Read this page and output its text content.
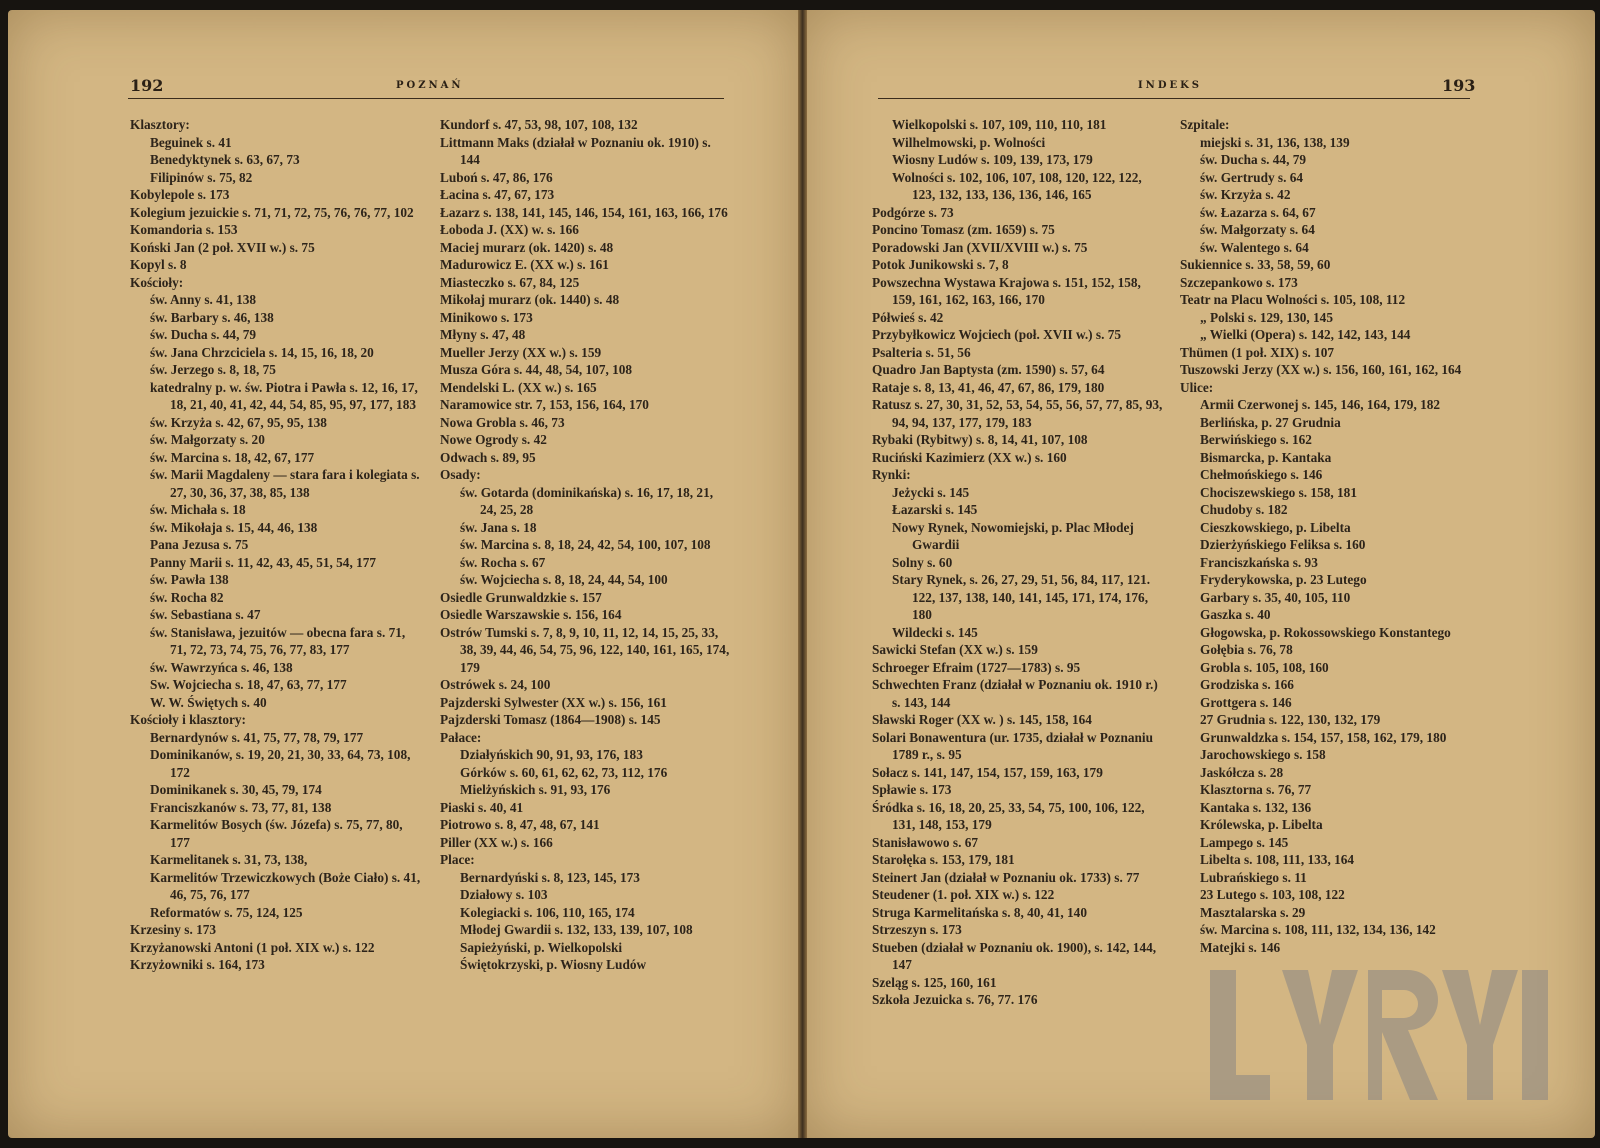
192	POZNAŃ	INDEKS	193
Klasztory:
Beguinek s. 41
Benedyktynek s. 63, 67, 73
Filipinów s. 75, 82
Kobylepole s. 173
Kolegium jezuickie s. 71, 71, 72, 75, 76, 76, 77, 102
Komandoria s. 153
Koński Jan (2 poł. XVII w.) s. 75
Kopyl s. 8
Kościoły:
św. Anny s. 41, 138
św. Barbary s. 46, 138
św. Ducha s. 44, 79
św. Jana Chrzciciela s. 14, 15, 16, 18, 20
św. Jerzego s. 8, 18, 75
katedralny p. w. św. Piotra i Pawła s. 12, 16, 17, 18, 21, 40, 41, 42, 44, 54, 85, 95, 97, 177, 183
św. Krzyża s. 42, 67, 95, 95, 138
św. Małgorzaty s. 20
św. Marcina s. 18, 42, 67, 177
św. Marii Magdaleny — stara fara i kolegiata s. 27, 30, 36, 37, 38, 85, 138
św. Michała s. 18
św. Mikołaja s. 15, 44, 46, 138
Pana Jezusa s. 75
Panny Marii s. 11, 42, 43, 45, 51, 54, 177
św. Pawła 138
św. Rocha 82
św. Sebastiana s. 47
św. Stanisława, jezuitów — obecna fara s. 71, 71, 72, 73, 74, 75, 76, 77, 83, 177
św. Wawrzyńca s. 46, 138
Sw. Wojciecha s. 18, 47, 63, 77, 177
W. W. Świętych s. 40
Kościoły i klasztory:
Bernardynów s. 41, 75, 77, 78, 79, 177
Dominikanów, s. 19, 20, 21, 30, 33, 64, 73, 108, 172
Dominikanek s. 30, 45, 79, 174
Franciszkanów s. 73, 77, 81, 138
Karmelitów Bosych (św. Józefa) s. 75, 77, 80, 177
Karmelitanek s. 31, 73, 138,
Karmelitów Trzewiczkowych (Boże Ciało) s. 41, 46, 75, 76, 177
Reformatów s. 75, 124, 125
Krzesiny s. 173
Krzyżanowski Antoni (1 poł. XIX w.) s. 122
Krzyżowniki s. 164, 173
Kundorf s. 47, 53, 98, 107, 108, 132
Littmann Maks (działał w Poznaniu ok. 1910) s. 144
Luboń s. 47, 86, 176
Łacina s. 47, 67, 173
Łazarz s. 138, 141, 145, 146, 154, 161, 163, 166, 176
Łoboda J. (XX) w. s. 166
Maciej murarz (ok. 1420) s. 48
Madurowicz E. (XX w.) s. 161
Miasteczko s. 67, 84, 125
Mikołaj murarz (ok. 1440) s. 48
Minikowo s. 173
Młyny s. 47, 48
Mueller Jerzy (XX w.) s. 159
Musza Góra s. 44, 48, 54, 107, 108
Mendelski L. (XX w.) s. 165
Naramowice str. 7, 153, 156, 164, 170
Nowa Grobla s. 46, 73
Nowe Ogrody s. 42
Odwach s. 89, 95
Osady:
św. Gotarda (dominikańska) s. 16, 17, 18, 21, 24, 25, 28
św. Jana s. 18
św. Marcina s. 8, 18, 24, 42, 54, 100, 107, 108
św. Rocha s. 67
św. Wojciecha s. 8, 18, 24, 44, 54, 100
Osiedle Grunwaldzkie s. 157
Osiedle Warszawskie s. 156, 164
Ostrów Tumski s. 7, 8, 9, 10, 11, 12, 14, 15, 25, 33, 38, 39, 44, 46, 54, 75, 96, 122, 140, 161, 165, 174, 179
Ostrówek s. 24, 100
Pajzderski Sylwester (XX w.) s. 156, 161
Pajzderski Tomasz (1864—1908) s. 145
Pałace:
Działyńskich 90, 91, 93, 176, 183
Górków s. 60, 61, 62, 62, 73, 112, 176
Mielżyńskich s. 91, 93, 176
Piaski s. 40, 41
Piotrowo s. 8, 47, 48, 67, 141
Piller (XX w.) s. 166
Place:
Bernardyński s. 8, 123, 145, 173
Działowy s. 103
Kolegiacki s. 106, 110, 165, 174
Młodej Gwardii s. 132, 133, 139, 107, 108
Sapieżyński, p. Wielkopolski
Świętokrzyski, p. Wiosny Ludów
Wielkopolski s. 107, 109, 110, 110, 181
Wilhelmowski, p. Wolności
Wiosny Ludów s. 109, 139, 173, 179
Wolności s. 102, 106, 107, 108, 120, 122, 122, 123, 132, 133, 136, 136, 146, 165
Podgórze s. 73
Poncino Tomasz (zm. 1659) s. 75
Poradowski Jan (XVII/XVIII w.) s. 75
Potok Junikowski s. 7, 8
Powszechna Wystawa Krajowa s. 151, 152, 158, 159, 161, 162, 163, 166, 170
Półwieś s. 42
Przybyłkowicz Wojciech (poł. XVII w.) s. 75
Psalteria s. 51, 56
Quadro Jan Baptysta (zm. 1590) s. 57, 64
Rataje s. 8, 13, 41, 46, 47, 67, 86, 179, 180
Ratusz s. 27, 30, 31, 52, 53, 54, 55, 56, 57, 77, 85, 93, 94, 94, 137, 177, 179, 183
Rybaki (Rybitwy) s. 8, 14, 41, 107, 108
Ruciński Kazimierz (XX w.) s. 160
Rynki:
Jeżycki s. 145
Łazarski s. 145
Nowy Rynek, Nowomiejski, p. Plac Młodej Gwardii
Solny s. 60
Stary Rynek, s. 26, 27, 29, 51, 56, 84, 117, 121. 122, 137, 138, 140, 141, 145, 171, 174, 176, 180
Wildecki s. 145
Sawicki Stefan (XX w.) s. 159
Schroeger Efraim (1727—1783) s. 95
Schwechten Franz (działał w Poznaniu ok. 1910 r.) s. 143, 144
Sławski Roger (XX w. ) s. 145, 158, 164
Solari Bonawentura (ur. 1735, działał w Poznaniu 1789 r., s. 95
Sołacz s. 141, 147, 154, 157, 159, 163, 179
Spławie s. 173
Śródka s. 16, 18, 20, 25, 33, 54, 75, 100, 106, 122, 131, 148, 153, 179
Stanisławowo s. 67
Starołęka s. 153, 179, 181
Steinert Jan (działał w Poznaniu ok. 1733) s. 77
Steudener (1. poł. XIX w.) s. 122
Struga Karmelitańska s. 8, 40, 41, 140
Strzeszyn s. 173
Stueben (działał w Poznaniu ok. 1900), s. 142, 144, 147
Szeląg s. 125, 160, 161
Szkoła Jezuicka s. 76, 77. 176
Szpitale:
miejski s. 31, 136, 138, 139
św. Ducha s. 44, 79
św. Gertrudy s. 64
św. Krzyża s. 42
św. Łazarza s. 64, 67
św. Małgorzaty s. 64
św. Walentego s. 64
Sukiennice s. 33, 58, 59, 60
Szczepankowo s. 173
Teatr na Placu Wolności s. 105, 108, 112
„ Polski s. 129, 130, 145
„ Wielki (Opera) s. 142, 142, 143, 144
Thümen (1 poł. XIX) s. 107
Tuszowski Jerzy (XX w.) s. 156, 160, 161, 162, 164
Ulice:
Armii Czerwonej s. 145, 146, 164, 179, 182
Berlińska, p. 27 Grudnia
Berwińskiego s. 162
Bismarcka, p. Kantaka
Chełmońskiego s. 146
Chociszewskiego s. 158, 181
Chudoby s. 182
Cieszkowskiego, p. Libelta
Dzierżyńskiego Feliksa s. 160
Franciszkańska s. 93
Fryderykowska, p. 23 Lutego
Garbary s. 35, 40, 105, 110
Gaszka s. 40
Głogowska, p. Rokossowskiego Konstantego
Gołębia s. 76, 78
Grobla s. 105, 108, 160
Grodziska s. 166
Grottgera s. 146
27 Grudnia s. 122, 130, 132, 179
Grunwaldzka s. 154, 157, 158, 162, 179, 180
Jarochowskiego s. 158
Jaskółcza s. 28
Klasztorna s. 76, 77
Kantaka s. 132, 136
Królewska, p. Libelta
Lampego s. 145
Libelta s. 108, 111, 133, 164
Lubrańskiego s. 11
23 Lutego s. 103, 108, 122
Masztalarska s. 29
św. Marcina s. 108, 111, 132, 134, 136, 142
Matejki s. 146
